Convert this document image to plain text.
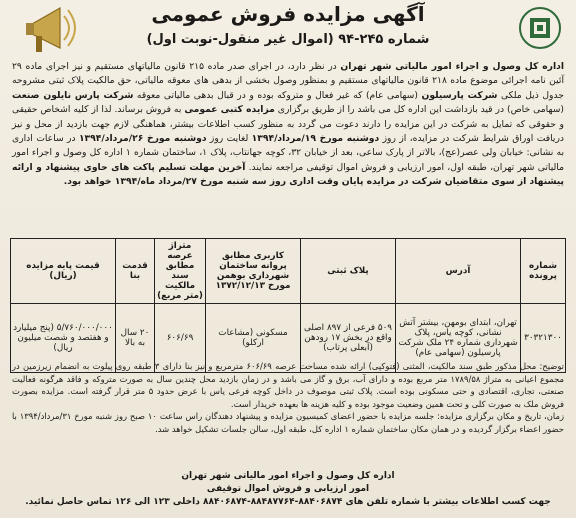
آگهی مزایده فروش عمومی
شماره ۲۴۵-۹۴ (اموال غیر منقول-نوبت اول)
اداره کل وصول و اجراء امور مالیاتی شهر تهران در نظر دارد، در اجرای صدر ماده ۲۱۵ قانون مالیاتهای مستقیم و نیز اجرای ماده ۲۹ آئین نامه اجرائی موضوع ماده ۲۱۸ قانون مالیاتهای مستقیم و بمنظور وصول بخشی از بدهی های معوقه مالیاتی، حق مالکیت پلاک ثبتی مشروحه جدول ذیل ملکی شرکت پارسیلون (سهامی عام) که غیر فعال و متروکه بوده و در قبال بدهی مالیاتی معوقه شرکت پارس نایلون صنعت (سهامی خاص) در قید بازداشت این اداره کل می باشد را از طریق برگزاری مزایده کتبی عمومی به فروش برساند. لذا از کلیه اشخاص حقیقی و حقوقی که تمایل به شرکت در این مزایده را دارند دعوت می گردد به منظور کسب اطلاعات بیشتر، هماهنگی لازم جهت بازدید از محل و نیز دریافت اوراق شرایط شرکت در مزایده، از روز دوشنبه مورخ ۱۹/مرداد/۱۳۹۴ لغایت روز دوشنبه مورخ ۲۶/مرداد/۱۳۹۴ در ساعات اداری به نشانی: خیابان ولی عصر(عج)، بالاتر از پارک ساعی، بعد از خیابان ۳۲، کوچه جهانتاب، پلاک ۱، ساختمان شماره ۱ اداره کل وصول و اجراء امور مالیاتی شهر تهران، طبقه اول، امور ارزیابی و فروش اموال توقیفی مراجعه نمایند. آخرین مهلت تسلیم پاکت های حاوی پیشنهاد و ارائه پیشنهاد از سوی متقاضیان شرکت در مزایده پایان وقت اداری روز سه شنبه مورخ ۲۷/مرداد ماه/۱۳۹۴ خواهد بود.
شماره پرونده	آدرس	پلاک ثبتی	کاربری مطابق پروانه ساختمان شهرداری بوهمن مورخ ۱۳۷۲/۱۲/۱۳	متراژ عرصه مطابق سند مالکیت (متر مربع)	قدمت بنا	قیمت پایه مزایده (ریال)
۳۰۳۲۱۳۰۰	تهران، ابتدای بومهن، بیشتر آتش نشانی، کوچه یاس، پلاک شهرداری شماره ۲۴ ملک شرکت پارسیلون (سهامی عام)	۵۰۹ فرعی از ۸۹۷ اصلی واقع در بخش ۱۷ رودهن (آبعلی پرتاب)	مسکونی (مشاعات ارکلو)	۶۰۶/۶۹	۲۰ سال به بالا	۵/۷۶۰/۰۰۰/۰۰۰ (پنج میلیارد و هفتصد و شصت میلیون ریال)
توضیح: محل مذکور طبق سند مالکیت، المثنی (فتوکپی) ارائه شده مساحت عرصه ۶۰۶/۶۹ مترمربع و نیز بنا دارای ۳ طبقه روی پیلوت به انضمام زیرزمین در مجموع اعیانی به متراژ ۱۷۸۹/۵۸ متر مربع بوده و دارای آب، برق و گاز می باشد و در زمان بازدید محل چندین سال به صورت متروکه و فاقد هرگونه فعالیت صنعتی، تجاری، اقتصادی و حتی مسکونی بوده است. پلاک ثبتی موصوف در داخل کوچه فرعی یاس با عرض حدود ۵ متر قرار گرفته است. مزایده بصورت فروش ملک به صورت کلی و تحت همین وضعیت موجود بوده و کلیه هزینه ها بعهده خریدار است.
زمان، تاریخ و مکان برگزاری مزایده: جلسه مزایده با حضور اعضای کمیسیون مزایده و پیشنهاد دهندگان راس ساعت ۱۰ صبح روز شنبه مورخ ۳۱/مرداد/۱۳۹۴ با حضور اعضاء برگزار گردیده و در همان مکان ساختمان شماره ۱ اداره کل، طبقه اول، سالن جلسات تشکیل خواهد شد.
اداره کل وصول و اجراء امور مالیاتی شهر تهران
امور ارزیابی و فروش اموال توقیفی
جهت کسب اطلاعات بیشتر با شماره تلفن های ۸۸۴۰۶۸۷۴-۸۸۴۸۷۷۶۴-۸۸۴۰۶۸۷۴ داخلی ۱۲۳ الی ۱۲۶ تماس حاصل نمائید.
